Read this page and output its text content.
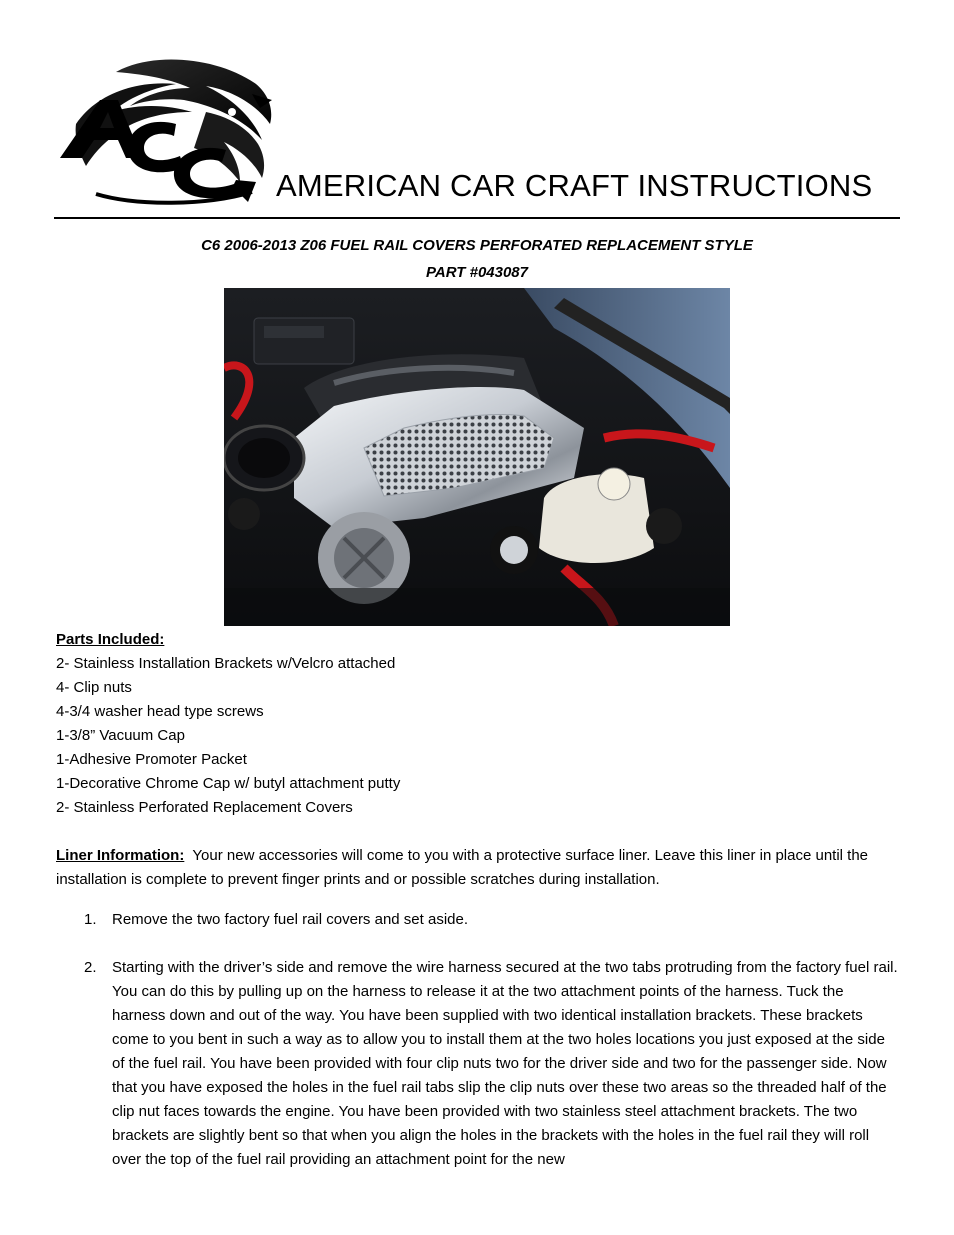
AMERICAN CAR CRAFT INSTRUCTIONS
C6 2006-2013 Z06 FUEL RAIL COVERS PERFORATED REPLACEMENT STYLE
PART #043087
Parts Included:
2- Stainless Installation Brackets w/Velcro attached
4- Clip nuts
4-3/4 washer head type screws
1-3/8” Vacuum Cap
1-Adhesive Promoter Packet
1-Decorative Chrome Cap w/ butyl attachment putty
2- Stainless Perforated Replacement Covers
Liner Information: Your new accessories will come to you with a protective surface liner. Leave this liner in place until the installation is complete to prevent finger prints and or possible scratches during installation.
1. Remove the two factory fuel rail covers and set aside.
2. Starting with the driver’s side and remove the wire harness secured at the two tabs protruding from the factory fuel rail. You can do this by pulling up on the harness to release it at the two attachment points of the harness. Tuck the harness down and out of the way. You have been supplied with two identical installation brackets. These brackets come to you bent in such a way as to allow you to install them at the two holes locations you just exposed at the side of the fuel rail. You have been provided with four clip nuts two for the driver side and two for the passenger side. Now that you have exposed the holes in the fuel rail tabs slip the clip nuts over these two areas so the threaded half of the clip nut faces towards the engine. You have been provided with two stainless steel attachment brackets. The two brackets are slightly bent so that when you align the holes in the brackets with the holes in the fuel rail they will roll over the top of the fuel rail providing an attachment point for the new
